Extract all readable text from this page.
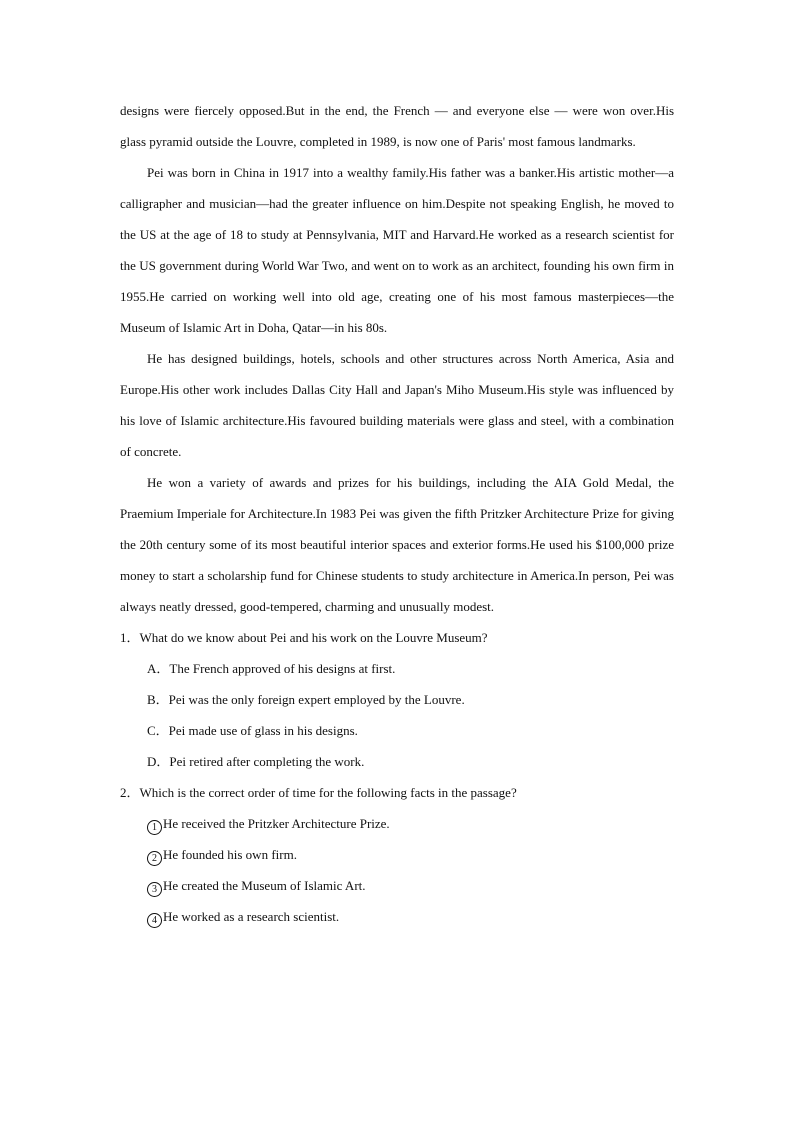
designs were fiercely opposed.But in the end, the French — and everyone else — were won over.His glass pyramid outside the Louvre, completed in 1989, is now one of Paris' most famous landmarks.

Pei was born in China in 1917 into a wealthy family.His father was a banker.His artistic mother—a calligrapher and musician—had the greater influence on him.Despite not speaking English, he moved to the US at the age of 18 to study at Pennsylvania, MIT and Harvard.He worked as a research scientist for the US government during World War Two, and went on to work as an architect, founding his own firm in 1955.He carried on working well into old age, creating one of his most famous masterpieces—the Museum of Islamic Art in Doha, Qatar—in his 80s.

He has designed buildings, hotels, schools and other structures across North America, Asia and Europe.His other work includes Dallas City Hall and Japan's Miho Museum.His style was influenced by his love of Islamic architecture.His favoured building materials were glass and steel, with a combination of concrete.

He won a variety of awards and prizes for his buildings, including the AIA Gold Medal, the Praemium Imperiale for Architecture.In 1983 Pei was given the fifth Pritzker Architecture Prize for giving the 20th century some of its most beautiful interior spaces and exterior forms.He used his $100,000 prize money to start a scholarship fund for Chinese students to study architecture in America.In person, Pei was always neatly dressed, good-tempered, charming and unusually modest.

1．What do we know about Pei and his work on the Louvre Museum?

A．The French approved of his designs at first.

B．Pei was the only foreign expert employed by the Louvre.

C．Pei made use of glass in his designs.

D．Pei retired after completing the work.

2．Which is the correct order of time for the following facts in the passage?

1 He received the Pritzker Architecture Prize.

2 He founded his own firm.

3 He created the Museum of Islamic Art.

4 He worked as a research scientist.
